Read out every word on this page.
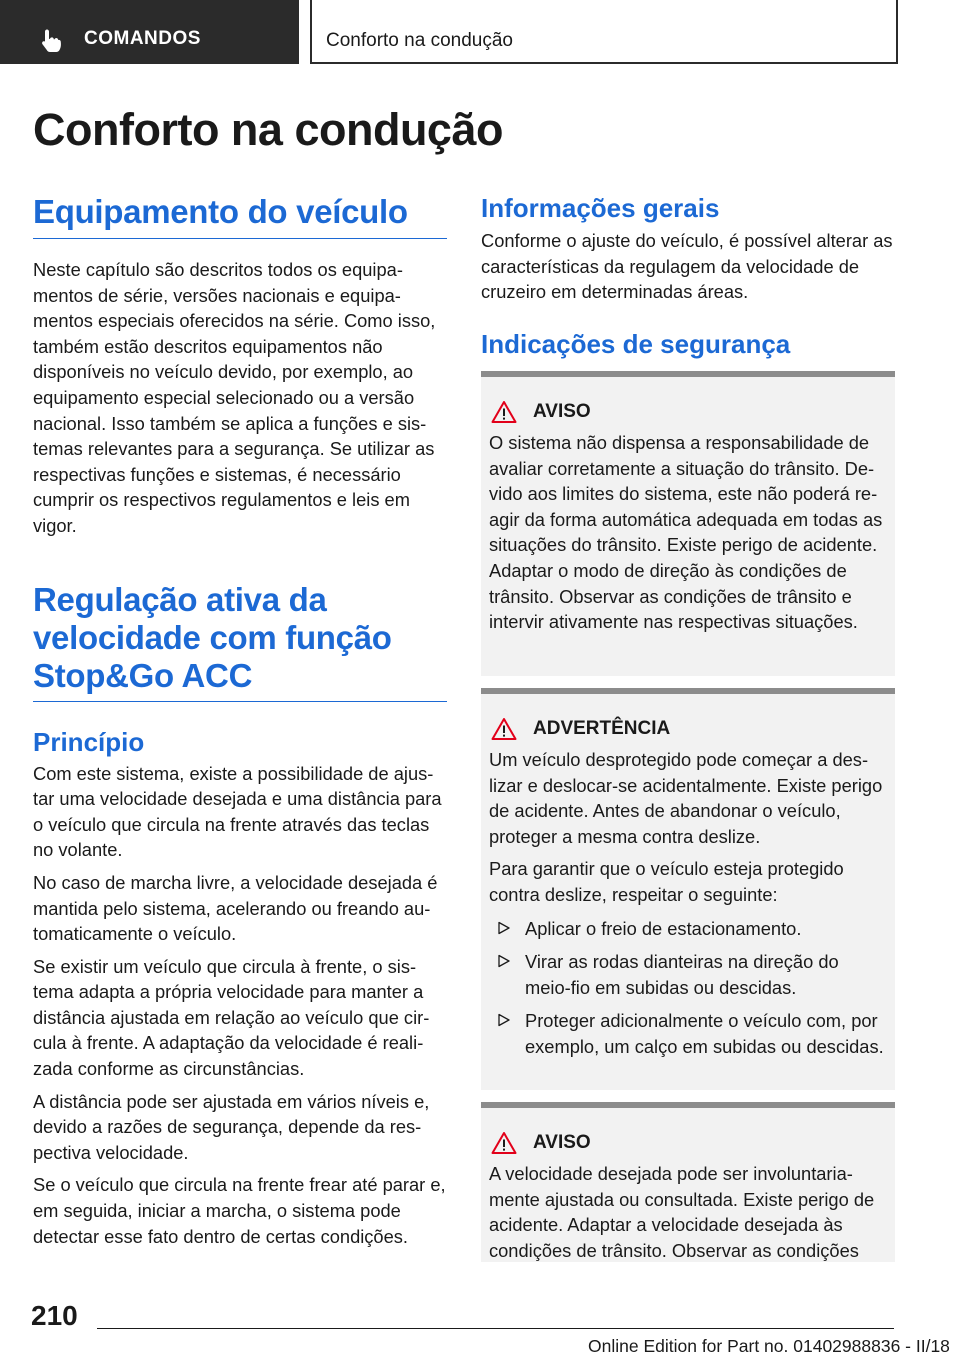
COMANDOS	Conforto na condução
Conforto na condução
Equipamento do veículo

Neste capítulo são descritos todos os equipamentos de série, versões nacionais e equipamentos especiais oferecidos na série. Como isso, também estão descritos equipamentos não disponíveis no veículo devido, por exemplo, ao equipamento especial selecionado ou a versão nacional. Isso também se aplica a funções e sistemas relevantes para a segurança. Se utilizar as respectivas funções e sistemas, é necessário cumprir os respectivos regulamentos e leis em vigor.

Regulação ativa da velocidade com função Stop&Go ACC
Princípio

Com este sistema, existe a possibilidade de ajustar uma velocidade desejada e uma distância para o veículo que circula na frente através das teclas no volante.

No caso de marcha livre, a velocidade desejada é mantida pelo sistema, acelerando ou freando automaticamente o veículo.

Se existir um veículo que circula à frente, o sistema adapta a própria velocidade para manter a distância ajustada em relação ao veículo que circula à frente. A adaptação da velocidade é realizada conforme as circunstâncias.

A distância pode ser ajustada em vários níveis e, devido a razões de segurança, depende da respectiva velocidade.

Se o veículo que circula na frente frear até parar e, em seguida, iniciar a marcha, o sistema pode detectar esse fato dentro de certas condições.

Informações gerais

Conforme o ajuste do veículo, é possível alterar as características da regulagem da velocidade de cruzeiro em determinadas áreas.

Indicações de segurança
AVISO

O sistema não dispensa a responsabilidade de avaliar corretamente a situação do trânsito. Devido aos limites do sistema, este não poderá reagir da forma automática adequada em todas as situações do trânsito. Existe perigo de acidente. Adaptar o modo de direção às condições de trânsito. Observar as condições de trânsito e intervir ativamente nas respectivas situações.

ADVERTÊNCIA

Um veículo desprotegido pode começar a deslizar e deslocar-se acidentalmente. Existe perigo de acidente. Antes de abandonar o veículo, proteger a mesma contra deslize.

Para garantir que o veículo esteja protegido contra deslize, respeitar o seguinte:

Aplicar o freio de estacionamento.
Virar as rodas dianteiras na direção do meio-fio em subidas ou descidas.
Proteger adicionalmente o veículo com, por exemplo, um calço em subidas ou descidas.
AVISO

A velocidade desejada pode ser involuntariamente ajustada ou consultada. Existe perigo de acidente. Adaptar a velocidade desejada às condições de trânsito. Observar as condições

210
Online Edition for Part no. 01402988836 - II/18
